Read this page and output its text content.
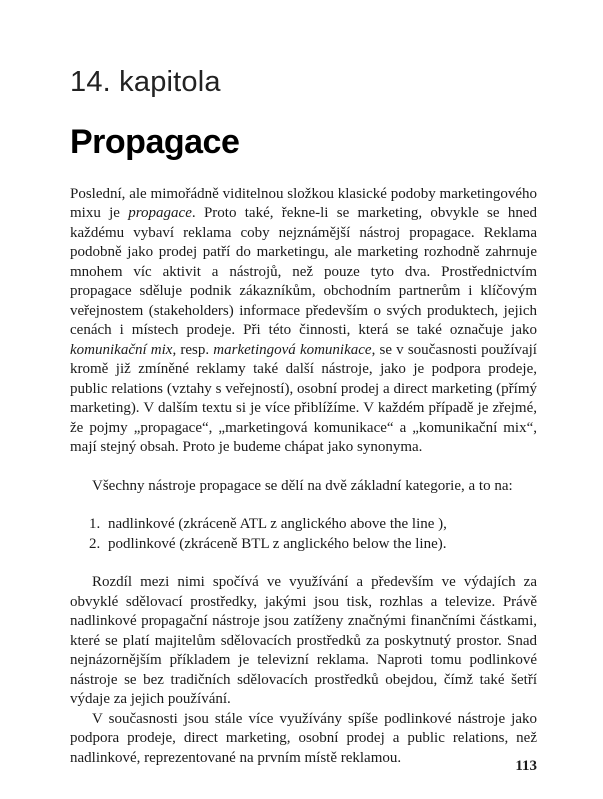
14. kapitola
Propagace

Poslední, ale mimořádně viditelnou složkou klasické podoby marketingového mixu je propagace. Proto také, řekne-li se marketing, obvykle se hned každému vybaví reklama coby nejznámější nástroj propagace. Reklama podobně jako prodej patří do marketingu, ale marketing rozhodně zahrnuje mnohem víc aktivit a nástrojů, než pouze tyto dva. Prostřednictvím propagace sděluje podnik zákazníkům, obchodním partnerům i klíčovým veřejnostem (stakeholders) informace především o svých produktech, jejich cenách i místech prodeje. Při této činnosti, která se také označuje jako komunikační mix, resp. marketingová komunikace, se v současnosti používají kromě již zmíněné reklamy také další nástroje, jako je podpora prodeje, public relations (vztahy s veřejností), osobní prodej a direct marketing (přímý marketing). V dalším textu si je více přiblížíme. V každém případě je zřejmé, že pojmy „propagace“, „marketingová komunikace“ a „komunikační mix“, mají stejný obsah. Proto je budeme chápat jako synonyma.

Všechny nástroje propagace se dělí na dvě základní kategorie, a to na:

1. nadlinkové (zkráceně ATL z anglického above the line ),
2. podlinkové (zkráceně BTL z anglického below the line).

Rozdíl mezi nimi spočívá ve využívání a především ve výdajích za obvyklé sdělovací prostředky, jakými jsou tisk, rozhlas a televize. Právě nadlinkové propagační nástroje jsou zatíženy značnými finančními částkami, které se platí majitelům sdělovacích prostředků za poskytnutý prostor. Snad nejnázornějším příkladem je televizní reklama. Naproti tomu podlinkové nástroje se bez tradičních sdělovacích prostředků obejdou, čímž také šetří výdaje za jejich používání.

V současnosti jsou stále více využívány spíše podlinkové nástroje jako podpora prodeje, direct marketing, osobní prodej a public relations, než nadlinkové, reprezentované na prvním místě reklamou.

113
